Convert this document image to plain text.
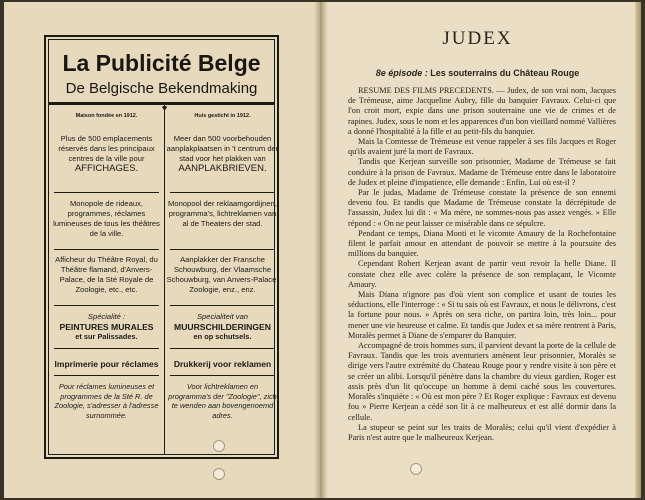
La Publicité Belge
De Belgische Bekendmaking
♥
Maison fondée en 1912.

Plus de 500 emplacements réservés dans les principaux centres de la ville pour

AFFICHAGES.

Monopole de rideaux, programmes, réclames lumineuses de tous les théâtres de la ville.

Afficheur du Théâtre Royal, du Théâtre flamand, d'Anvers-Palace, de la Sté Royale de Zoologie, etc., etc.

Spécialité :

PEINTURES MURALES

et sur Palissades.

Imprimerie pour réclames

Pour réclames lumineuses et programmes de la Sté R. de Zoologie, s'adresser à l'adresse surnommée.

Huis gesticht in 1912.

Meer dan 500 voorbehouden aanplakplaatsen in 't centrum der stad voor het plakken van

AANPLAKBRIEVEN.

Monopool der reklaamgordijnen, programma's, lichtreklamen van al de Theaters der stad.

Aanplakker der Fransche Schouwburg, der Vlaamsche Schouwburg, van Anvers-Palace, Zoologie, enz., enz.

Specialiteit van

MUURSCHILDERINGEN

en op schutsels.

Drukkerij voor reklamen

Voor lichtreklamen en programma's der "Zoologie", zich te wenden aan bovengenoemd adres.

JUDEX
8e épisode : Les souterrains du Château Rouge

RESUME DES FILMS PRECEDENTS. — Judex, de son vrai nom, Jacques de Trémeuse, aime Jacqueline Aubry, fille du banquier Favraux. Celui-ci que l'on croit mort, expie dans une prison souterraine une vie de crimes et de rapines. Judex, sous le nom et les apparences d'un bon vieillard nommé Vallières a donné l'hospitalité à la fille et au petit-fils du banquier.

Mais la Comtesse de Trémeuse est venue rappeler à ses fils Jacques et Roger qu'ils avaient juré la mort de Favraux.

Tandis que Kerjean surveille son prisonnier, Madame de Trémeuse se fait conduire à la prison de Favraux. Madame de Trémeuse entre dans le laboratoire de Judex et pleine d'impatience, elle demande : Enfin, Lui où est-il ?

Par le judas, Madame de Trémeuse constate la présence de son ennemi devenu fou. Et tandis que Madame de Trémeuse constate la décrépitude de l'assassin, Judex lui dit : « Ma mère, ne sommes-nous pas assez vengés. » Elle répond : « On ne peut laisser ce misérable dans ce sépulcre.

Pendant ce temps, Diana Monti et le vicomte Amaury de la Rochefontaine filent le parfait amour en attendant de pouvoir se mettre à la poursuite des millions du banquier.

Cependant Robert Kerjean avant de partir veut revoir la belle Diane. Il constate chez elle avec colère la présence de son remplaçant, le Vicomte Amaury.

Mais Diana n'ignore pas d'où vient son complice et usant de toutes les séductions, elle l'interroge : « Si tu sais où est Favraux, et nous le délivrons, c'est la fortune pour nous. » Après on sera riche, on partira loin, très loin... pour mener une vie heureuse et calme. Et tandis que Judex et sa mère rentrent à Paris, Moralès permet à Diane de s'emparer du Banquier.

Accompagné de trois hommes surs, il parvient devant la porte de la cellule de Favraux. Tandis que les trois aventuriers amènent leur prisonnier, Moralès se dirige vers l'autre extrémité du Chateau Rouge pour y rendre visite à son père et se créer un alibi. Lorsqu'il pénètre dans la chambre du vieux gardien, Roger est assis près d'un lit qu'occupe un homme à demi caché sous les couvertures. Moralès s'inquiète : « Où est mon père ? Et Roger explique : Favraux est devenu fou » Pierre Kerjean a cédé son lit à ce malheureux et est allé dormir dans la cellule.

La stupeur se peint sur les traits de Moralès; celui qu'il vient d'expédier à Paris n'est autre que le malheureux Kerjean.
